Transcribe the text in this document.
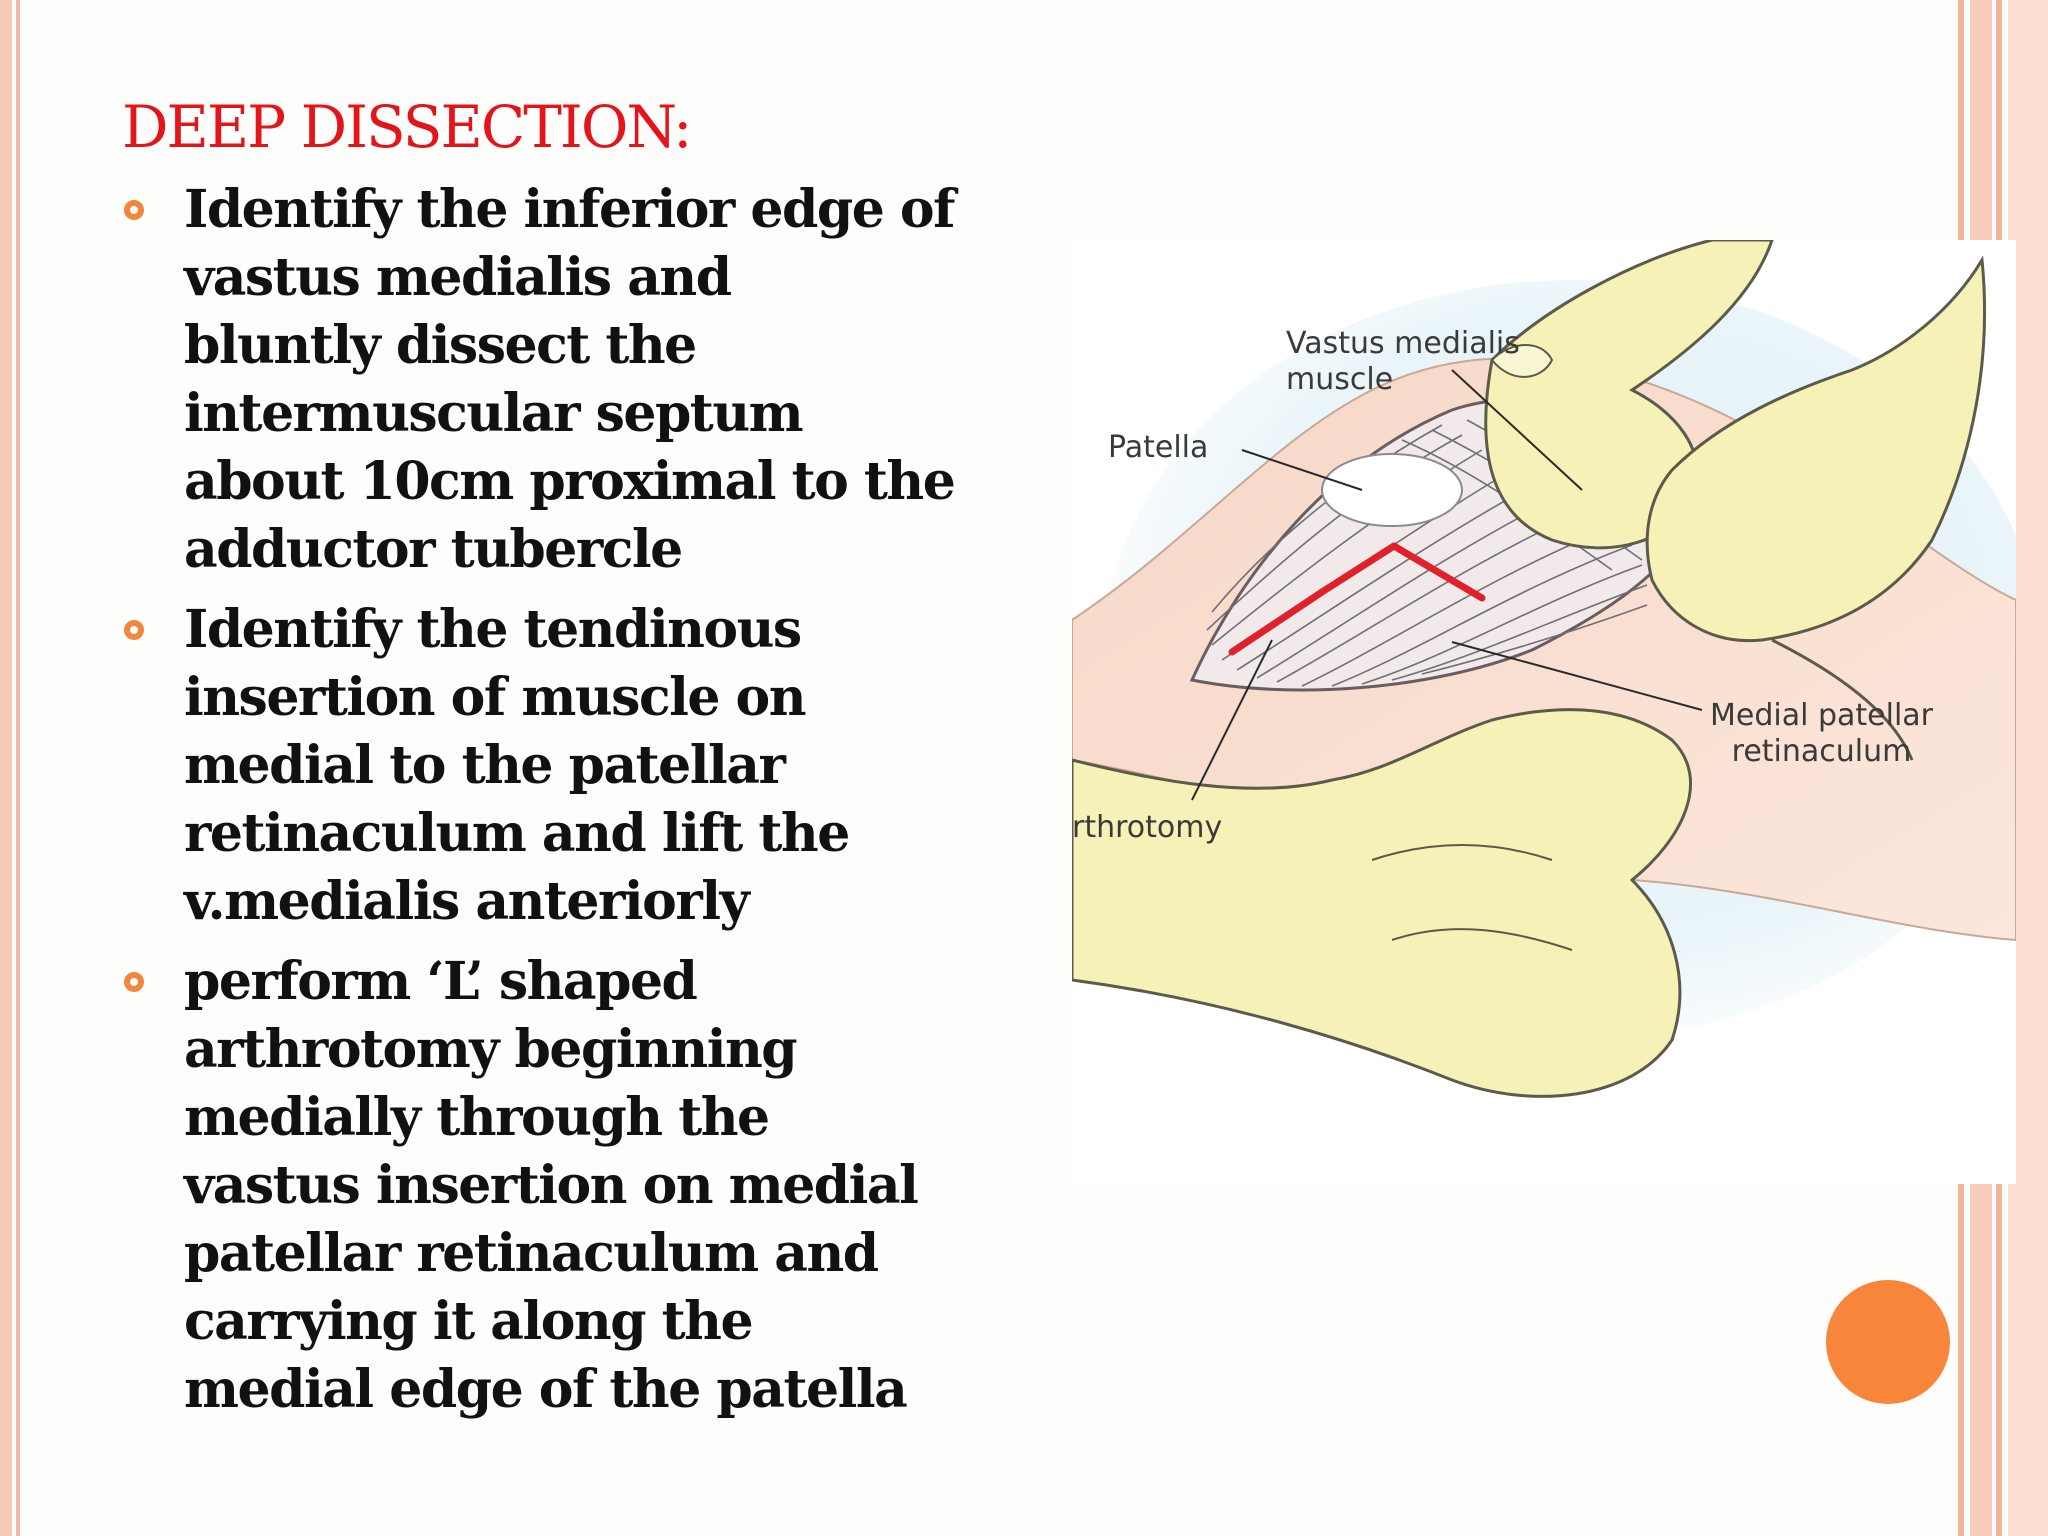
DEEP DISSECTION:
Identify the inferior edge of
vastus medialis and
bluntly dissect the
intermuscular septum
about 10cm proximal to the
adductor tubercle
Identify the tendinous
insertion of muscle on
medial to the patellar
retinaculum and lift the
v.medialis anteriorly
perform ‘L’ shaped
arthrotomy beginning
medially through the
vastus insertion on medial
patellar retinaculum and
carrying it along the
medial edge of the patella
Vastus medialis
muscle
Patella
Medial patellar
retinaculum
rthrotomy
